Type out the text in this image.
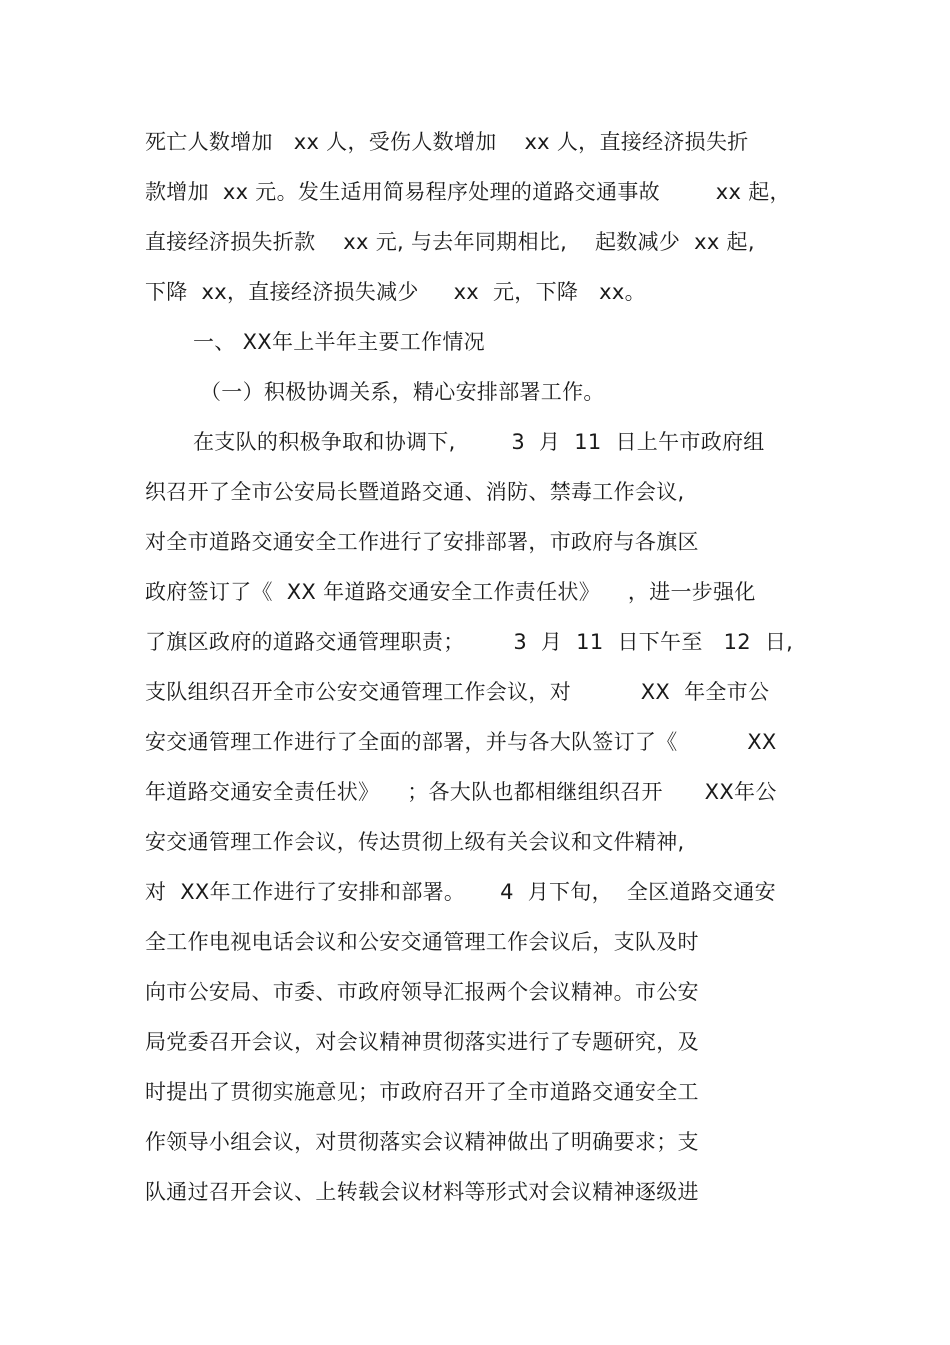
死亡人数增加   xx 人，受伤人数增加    xx 人，直接经济损失折
款增加  xx 元。发生适用简易程序处理的道路交通事故        xx 起，
直接经济损失折款    xx 元, 与去年同期相比,    起数减少  xx 起,
下降  xx，直接经济损失减少     xx  元，下降   xx。
一、 XX年上半年主要工作情况
（一）积极协调关系，精心安排部署工作。
在支队的积极争取和协调下,        3  月  11  日上午市政府组
织召开了全市公安局长暨道路交通、消防、禁毒工作会议,
对全市道路交通安全工作进行了安排部署，市政府与各旗区
政府签订了《  XX 年道路交通安全工作责任状》    ，进一步强化
了旗区政府的道路交通管理职责；       3  月  11  日下午至   12  日,
支队组织召开全市公安交通管理工作会议，对          XX  年全市公
安交通管理工作进行了全面的部署，并与各大队签订了《          XX
年道路交通安全责任状》    ；各大队也都相继组织召开      XX年公
安交通管理工作会议，传达贯彻上级有关会议和文件精神,
对  XX年工作进行了安排和部署。     4  月下旬，  全区道路交通安
全工作电视电话会议和公安交通管理工作会议后，支队及时
向市公安局、市委、市政府领导汇报两个会议精神。市公安
局党委召开会议，对会议精神贯彻落实进行了专题研究，及
时提出了贯彻实施意见；市政府召开了全市道路交通安全工
作领导小组会议，对贯彻落实会议精神做出了明确要求；支
队通过召开会议、上转载会议材料等形式对会议精神逐级进
